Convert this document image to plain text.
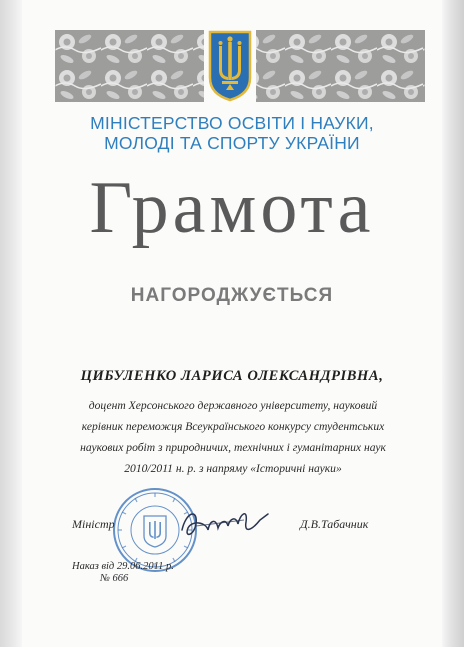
МІНІСТЕРСТВО ОСВІТИ І НАУКИ,
МОЛОДІ ТА СПОРТУ УКРАЇНИ
Грамота
НАГОРОДЖУЄТЬСЯ
ЦИБУЛЕНКО ЛАРИСА ОЛЕКСАНДРІВНА,
доцент Херсонського державного університету, науковий
керівник переможця Всеукраїнського конкурсу студентських
наукових робіт з природничих, технічних і гуманітарних наук
2010/2011 н. р. з напряму «Історичні науки»
Міністр	Д.В.Табачник
Наказ від 29.06.2011 р.
№ 666
